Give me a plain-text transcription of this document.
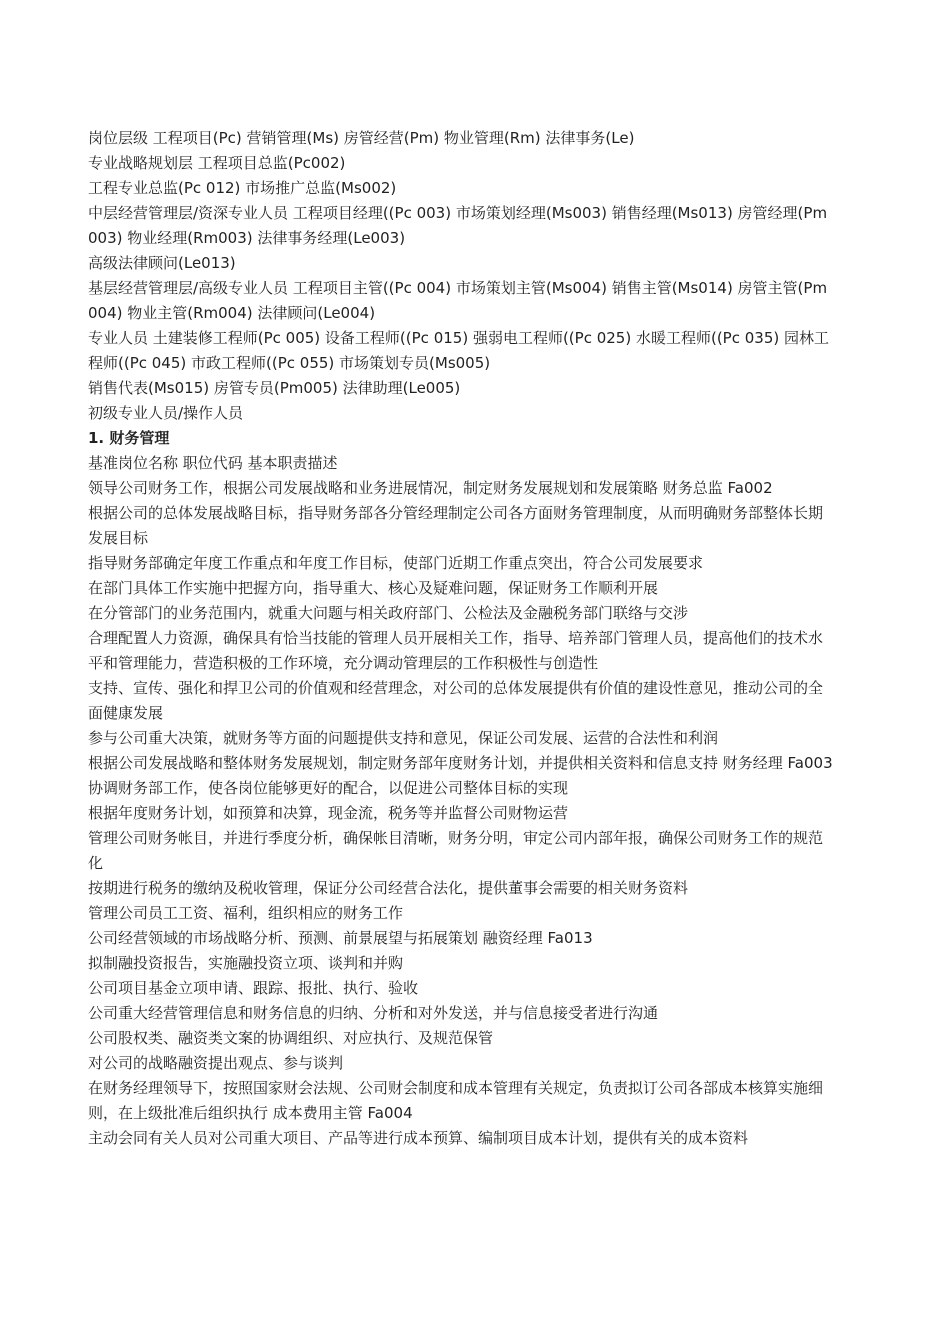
岗位层级 工程项目(Pc) 营销管理(Ms) 房管经营(Pm) 物业管理(Rm) 法律事务(Le)

专业战略规划层 工程项目总监(Pc002)

工程专业总监(Pc 012) 市场推广总监(Ms002)

中层经营管理层/资深专业人员 工程项目经理((Pc 003) 市场策划经理(Ms003) 销售经理(Ms013) 房管经理(Pm003) 物业经理(Rm003) 法律事务经理(Le003)

高级法律顾问(Le013)

基层经营管理层/高级专业人员 工程项目主管((Pc 004) 市场策划主管(Ms004) 销售主管(Ms014) 房管主管(Pm004) 物业主管(Rm004) 法律顾问(Le004)

专业人员 土建装修工程师(Pc 005) 设备工程师((Pc 015) 强弱电工程师((Pc 025) 水暖工程师((Pc 035) 园林工程师((Pc 045) 市政工程师((Pc 055) 市场策划专员(Ms005)

销售代表(Ms015) 房管专员(Pm005) 法律助理(Le005)

初级专业人员/操作人员

1. 财务管理

基准岗位名称 职位代码 基本职责描述

领导公司财务工作，根据公司发展战略和业务进展情况，制定财务发展规划和发展策略 财务总监 Fa002

根据公司的总体发展战略目标，指导财务部各分管经理制定公司各方面财务管理制度，从而明确财务部整体长期发展目标

指导财务部确定年度工作重点和年度工作目标，使部门近期工作重点突出，符合公司发展要求

在部门具体工作实施中把握方向，指导重大、核心及疑难问题，保证财务工作顺利开展

在分管部门的业务范围内，就重大问题与相关政府部门、公检法及金融税务部门联络与交涉

合理配置人力资源，确保具有恰当技能的管理人员开展相关工作，指导、培养部门管理人员，提高他们的技术水平和管理能力，营造积极的工作环境，充分调动管理层的工作积极性与创造性

支持、宣传、强化和捍卫公司的价值观和经营理念，对公司的总体发展提供有价值的建设性意见，推动公司的全面健康发展

参与公司重大决策，就财务等方面的问题提供支持和意见，保证公司发展、运营的合法性和利润

根据公司发展战略和整体财务发展规划，制定财务部年度财务计划，并提供相关资料和信息支持 财务经理 Fa003

协调财务部工作，使各岗位能够更好的配合，以促进公司整体目标的实现

根据年度财务计划，如预算和决算，现金流，税务等并监督公司财物运营

管理公司财务帐目，并进行季度分析，确保帐目清晰，财务分明，审定公司内部年报，确保公司财务工作的规范化

按期进行税务的缴纳及税收管理，保证分公司经营合法化，提供董事会需要的相关财务资料

管理公司员工工资、福利，组织相应的财务工作

公司经营领域的市场战略分析、预测、前景展望与拓展策划 融资经理 Fa013

拟制融投资报告，实施融投资立项、谈判和并购

公司项目基金立项申请、跟踪、报批、执行、验收

公司重大经营管理信息和财务信息的归纳、分析和对外发送，并与信息接受者进行沟通

公司股权类、融资类文案的协调组织、对应执行、及规范保管

对公司的战略融资提出观点、参与谈判

在财务经理领导下，按照国家财会法规、公司财会制度和成本管理有关规定，负责拟订公司各部成本核算实施细则，在上级批准后组织执行 成本费用主管 Fa004

主动会同有关人员对公司重大项目、产品等进行成本预算、编制项目成本计划，提供有关的成本资料
